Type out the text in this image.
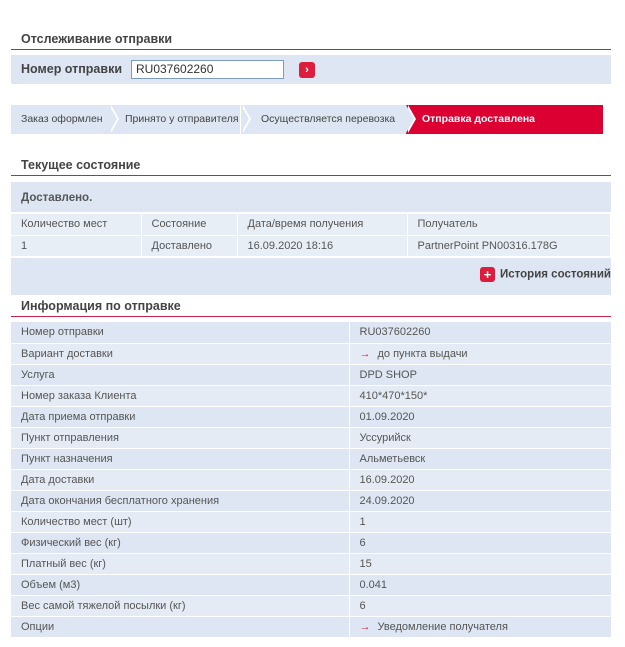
Отслеживание отправки
Номер отправки	RU037602260	›
Заказ оформлен	Принято у отправителя	Осуществляется перевозка	Отправка доставлена
Текущее состояние
Доставлено.
Количество мест	Состояние	Дата/время получения	Получатель
1	Доставлено	16.09.2020 18:16	PartnerPoint PN00316.178G
+ История состояний
Информация по отправке
Номер отправки	RU037602260
Вариант доставки	→ до пункта выдачи
Услуга	DPD SHOP
Номер заказа Клиента	410*470*150*
Дата приема отправки	01.09.2020
Пункт отправления	Уссурийск
Пункт назначения	Альметьевск
Дата доставки	16.09.2020
Дата окончания бесплатного хранения	24.09.2020
Количество мест (шт)	1
Физический вес (кг)	6
Платный вес (кг)	15
Объем (м3)	0.041
Вес самой тяжелой посылки (кг)	6
Опции	→ Уведомление получателя
